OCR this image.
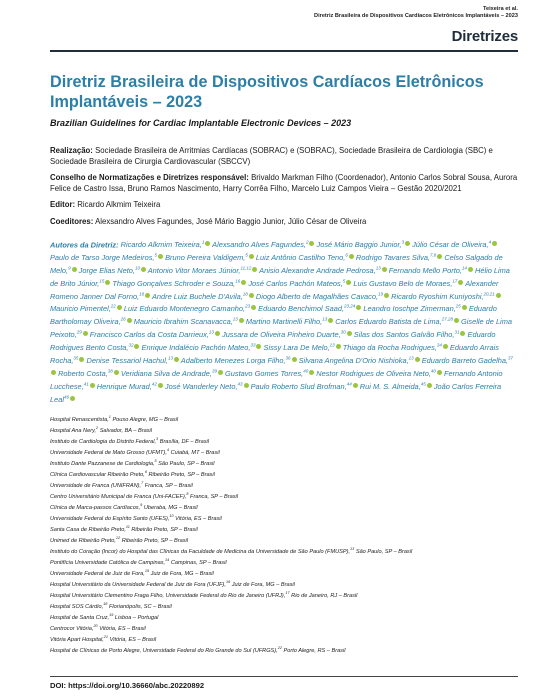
Teixeira et al.
Diretriz Brasileira de Dispositivos Cardíacos Eletrônicos Implantáveis – 2023
Diretrizes
Diretriz Brasileira de Dispositivos Cardíacos Eletrônicos Implantáveis – 2023
Brazilian Guidelines for Cardiac Implantable Electronic Devices – 2023
Realização: Sociedade Brasileira de Arritmias Cardíacas (SOBRAC) e (SOBRAC), Sociedade Brasileira de Cardiologia (SBC) e Sociedade Brasileira de Cirurgia Cardiovascular (SBCCV)
Conselho de Normatizações e Diretrizes responsável: Brivaldo Markman Filho (Coordenador), Antonio Carlos Sobral Sousa, Aurora Felice de Castro Issa, Bruno Ramos Nascimento, Harry Corrêa Filho, Marcelo Luiz Campos Vieira – Gestão 2020/2021
Editor: Ricardo Alkmim Teixeira
Coeditores: Alexsandro Alves Fagundes, José Mário Baggio Junior, Júlio César de Oliveira
Autores da Diretriz: Ricardo Alkmim Teixeira,$^1$ Alexsandro Alves Fagundes,$^2$ José Mário Baggio Junior,$^3$ Júlio César de Oliveira,$^4$ Paulo de Tarso Jorge Medeiros,$^5$ Bruno Pereira Valdigem,$^5$ Luiz Antônio Castilho Teno,$^6$ Rodrigo Tavares Silva,$^{7,8}$ Celso Salgado de Melo,$^9$ Jorge Elias Neto,$^{10}$ Antonio Vitor Moraes Júnior,$^{11,12}$ Anisio Alexandre Andrade Pedrosa,$^{13}$ Fernando Mello Porto,$^{14}$ Hélio Lima de Brito Júnior,$^{15}$ Thiago Gonçalves Schroder e Souza,$^{16}$ José Carlos Pachón Mateos,$^5$ Luis Gustavo Belo de Moraes,$^{17}$ Alexander Romeno Janner Dal Forno,$^{18}$ Andre Luiz Buchele D'Avila,$^{18}$ Diogo Alberto de Magalhães Cavaco,$^{19}$ Ricardo Ryoshim Kuniyoshi,$^{20,21}$ Mauricio Pimentel,$^{22}$ Luiz Eduardo Montenegro Camanho,$^{23}$ Eduardo Benchimol Saad,$^{23,24}$ Leandro Ioschpe Zimerman,$^{25}$ Eduardo Bartholomay Oliveira,$^{26}$ Mauricio Ibrahim Scanavacca,$^{13}$ Martino Martinelli Filho,$^{13}$ Carlos Eduardo Batista de Lima,$^{27,28}$ Giselle de Lima Peixoto,$^{29}$ Francisco Carlos da Costa Darrieux,$^{13}$ Jussara de Oliveira Pinheiro Duarte,$^{30}$ Silas dos Santos Galvão Filho,$^{31}$ Eduardo Rodrigues Bento Costa,$^{32}$ Enrique Indalécio Pachón Mateo,$^{33}$ Sissy Lara De Melo,$^{13}$ Thiago da Rocha Rodrigues,$^{34}$ Eduardo Arrais Rocha,$^{35}$ Denise Tessariol Hachul,$^{13}$ Adalberto Menezes Lorga Filho,$^{36}$ Silvana Angelina D'Orio Nishioka,$^{13}$ Eduardo Barreto Gadelha,$^{37}$ Roberto Costa,$^{38}$ Veridiana Silva de Andrade,$^{39}$ Gustavo Gomes Torres,$^{40}$ Nestor Rodrigues de Oliveira Neto,$^{40}$ Fernando Antonio Lucchese,$^{41}$ Henrique Murad,$^{42}$ José Wanderley Neto,$^{43}$ Paulo Roberto Slud Brofman,$^{44}$ Rui M. S. Almeida,$^{45}$ João Carlos Ferreira Leal$^{46}$
Hospital Renascentista,$^1$ Pouso Alegre, MG – Brasil
Hospital Ana Nery,$^2$ Salvador, BA – Brasil
Instituto de Cardiologia do Distrito Federal,$^3$ Brasília, DF – Brasil
Universidade Federal de Mato Grosso (UFMT),$^4$ Cuiabá, MT – Brasil
Instituto Dante Pazzanese de Cardiologia,$^5$ São Paulo, SP – Brasil
Clínica Cardiovascular Ribeirão Preto,$^6$ Ribeirão Preto, SP – Brasil
Universidade de Franca (UNIFRAN),$^7$ Franca, SP – Brasil
Centro Universitário Municipal de Franca (Uni-FACEF),$^8$ Franca, SP – Brasil
Clínica de Marca-passos Cardíacos,$^9$ Uberaba, MG – Brasil
Universidade Federal do Espírito Santo (UFES),$^{10}$ Vitória, ES – Brasil
Santa Casa de Ribeirão Preto,$^{11}$ Ribeirão Preto, SP – Brasil
Unimed de Ribeirão Preto,$^{12}$ Ribeirão Preto, SP – Brasil
Instituto do Coração (Incor) do Hospital das Clínicas da Faculdade de Medicina da Universidade de São Paulo (FMUSP),$^{13}$ São Paulo, SP – Brasil
Pontifícia Universidade Católica de Campinas,$^{14}$ Campinas, SP – Brasil
Universidade Federal de Juiz de Fora,$^{15}$ Juiz de Fora, MG – Brasil
Hospital Universitário da Universidade Federal de Juiz de Fora (UFJF),$^{16}$ Juiz de Fora, MG – Brasil
Hospital Universitário Clementino Fraga Filho, Universidade Federal do Rio de Janeiro (UFRJ),$^{17}$ Rio de Janeiro, RJ – Brasil
Hospital SOS Cárdio,$^{18}$ Florianópolis, SC – Brasil
Hospital de Santa Cruz,$^{19}$ Lisboa – Portugal
Centrocor Vitória,$^{20}$ Vitória, ES – Brasil
Vitória Apart Hospital,$^{21}$ Vitória, ES – Brasil
Hospital de Clínicas de Porto Alegre, Universidade Federal do Rio Grande do Sul (UFRGS),$^{22}$ Porto Alegre, RS – Brasil
DOI: https://doi.org/10.36660/abc.20220892
